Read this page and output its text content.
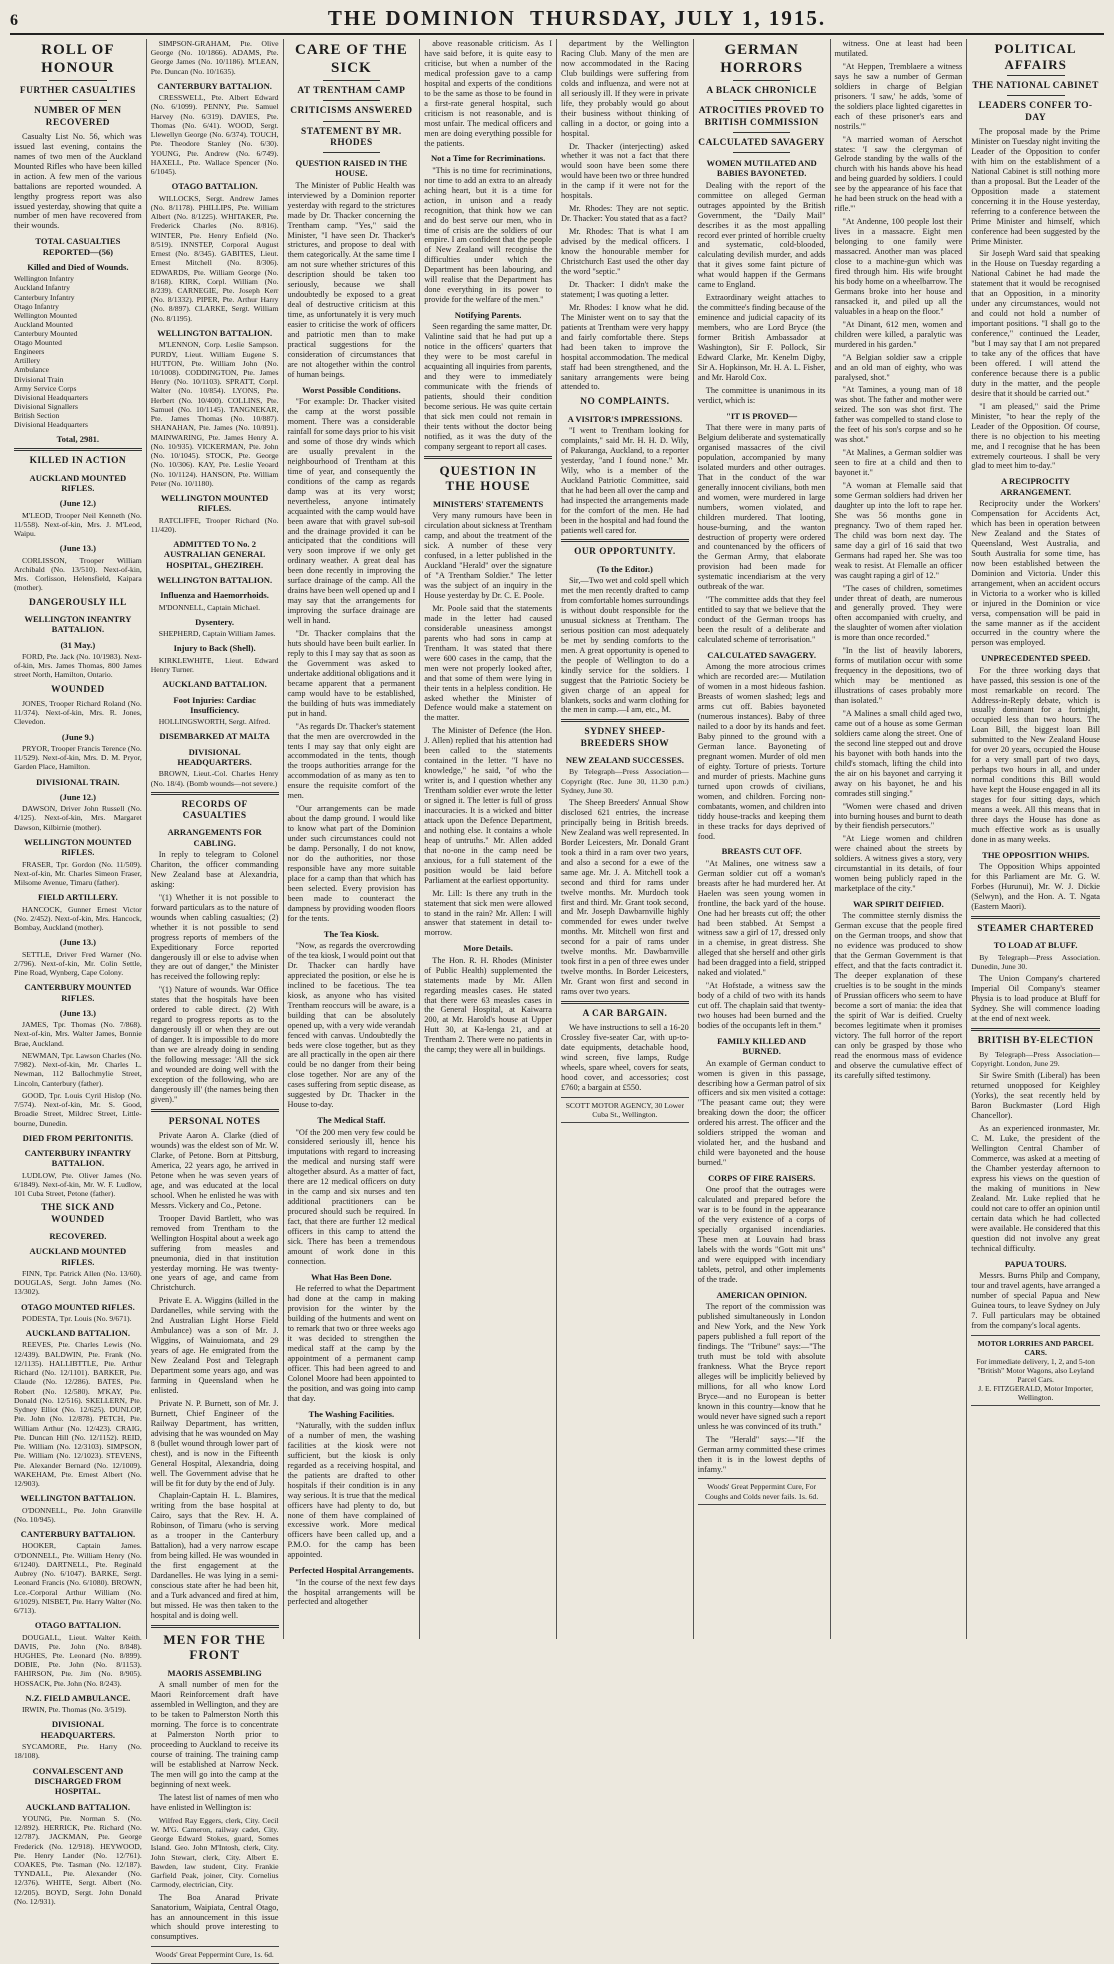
6	THE DOMINION THURSDAY, JULY 1, 1915.
ROLL OF HONOUR
FURTHER CASUALTIES
NUMBER OF MEN RECOVERED

Casualty List No. 56, which was issued last evening, contains the names of two men of the Auckland Mounted Rifles who have been killed in action. A few men of the various battalions are reported wounded. A lengthy progress report was also issued yesterday, showing that quite a number of men have recovered from their wounds.

TOTAL CASUALTIES REPORTED—(56)
Killed and Died of Wounds.
Wellington Infantry
Auckland Infantry
Canterbury Infantry
Otago Infantry
Wellington Mounted
Auckland Mounted
Canterbury Mounted
Otago Mounted
Engineers
Artillery
Ambulance
Divisional Train
Army Service Corps
Divisional Headquarters
Divisional Signallers
British Section
Divisional Headquarters
Total, 2981.
KILLED IN ACTION
AUCKLAND MOUNTED RIFLES.
(June 12.)

M'LEOD, Trooper Neil Kenneth (No. 11/558). Next-of-kin, Mrs. J. M'Leod, Waipu.

(June 13.)

CORLISSON, Trooper William Archibald (No. 13/510). Next-of-kin, Mrs. Corlisson, Helensfield, Kaipara (mother).

DANGEROUSLY ILL
WELLINGTON INFANTRY BATTALION.
(31 May.)

FORD, Pte. Jack (No. 10/1983). Next-of-kin, Mrs. James Thomas, 800 James street North, Hamilton, Ontario.

WOUNDED

JONES, Trooper Richard Roland (No. 11/374). Next-of-kin, Mrs. R. Jones, Clevedon.

(June 9.)

PRYOR, Trooper Francis Terence (No. 11/529). Next-of-kin, Mrs. D. M. Pryor, Garden Place, Hamilton.

DIVISIONAL TRAIN.
(June 12.)

DAWSON, Driver John Russell (No. 4/125). Next-of-kin, Mrs. Margaret Dawson, Kilbirnie (mother).

WELLINGTON MOUNTED RIFLES.

FRASER, Tpr. Gordon (No. 11/509). Next-of-kin, Mr. Charles Simeon Fraser, Milsome Avenue, Timaru (father).

FIELD ARTILLERY.

HANCOCK, Gunner Ernest Victor (No. 2/452). Next-of-kin, Mrs. Hancock, Bombay, Auckland (mother).

(June 13.)

SETTLE, Driver Fred Warner (No. 2/796). Next-of-kin, Mr. Colin Settle, Pine Road, Wynberg, Cape Colony.

CANTERBURY MOUNTED RIFLES.
(June 13.)

JAMES, Tpr. Thomas (No. 7/868). Next-of-kin, Mrs. Walter James, Bonnie Brae, Auckland.

NEWMAN, Tpr. Lawson Charles (No. 7/982). Next-of-kin, Mr. Charles L. Newman, 112 Ballochmylie Street, Lincoln, Canterbury (father).

GOOD, Tpr. Louis Cyril Hislop (No. 7/574). Next-of-kin, Mr. S. Good, Broadie Street, Mildrec Street, Little-bourne, Dunedin.

DIED FROM PERITONITIS.
CANTERBURY INFANTRY BATTALION.

LUDLOW, Pte. Oliver James (No. 6/1849). Next-of-kin, Mr. W. F. Ludlow, 101 Cuba Street, Petone (father).

THE SICK AND WOUNDED
RECOVERED.
AUCKLAND MOUNTED RIFLES.

FINN, Tpr. Patrick Allen (No. 13/60). DOUGLAS, Sergt. John James (No. 13/302).

OTAGO MOUNTED RIFLES.

PODESTA, Tpr. Louis (No. 9/671).

AUCKLAND BATTALION.

REEVES, Pte. Charles Lewis (No. 12/439). BALDWIN, Pte. Frank (No. 12/1135). HALLIBTTLE, Pte. Arthur Richard (No. 12/1101). BARKER, Pte. Claude (No. 12/286). BATES, Pte. Robert (No. 12/580). M'KAY, Pte. Donald (No. 12/516). SKELLERN, Pte. Sydney Elliot (No. 12/625). DUNLOP, Pte. John (No. 12/878). PETCH, Pte. William Arthur (No. 12/423). CRAIG, Pte. Duncan Hill (No. 12/1152). REID, Pte. William (No. 12/3103). SIMPSON, Pte. William (No. 12/1023). STEVENS, Pte. Alexander Bernard (No. 12/1009). WAKEHAM, Pte. Ernest Albert (No. 12/903).

WELLINGTON BATTALION.

O'DONNELL, Pte. John Granville (No. 10/945).

CANTERBURY BATTALION.

HOOKER, Captain James. O'DONNELL, Pte. William Henry (No. 6/1240). DARTNELL, Pte. Reginald Aubrey (No. 6/1047). BARKE, Sergt. Leonard Francis (No. 6/1080). BROWN, Lce.-Corporal Arthur William (No. 6/1029). NISBET, Pte. Harry Walter (No. 6/713).

OTAGO BATTALION.

DOUGALL, Lieut. Walter Keith. DAVIS, Pte. John (No. 8/848). HUGHES, Pte. Leonard (No. 8/899). DOBIE, Pte. John (No. 8/1153). FAHIRSON, Pte. Jim (No. 8/905). HOSSACK, Pte. John (No. 8/243).

N.Z. FIELD AMBULANCE.

IRWIN, Pte. Thomas (No. 3/519).

DIVISIONAL HEADQUARTERS.

SYCAMORE, Pte. Harry (No. 18/108).

CONVALESCENT AND DISCHARGED FROM HOSPITAL.
AUCKLAND BATTALION.

YOUNG, Pte. Norman S. (No. 12/892). HERRICK, Pte. Richard (No. 12/787). JACKMAN, Pte. George Frederick (No. 12/918). HEYWOOD, Pte. Henry Lander (No. 12/761). COAKES, Pte. Tasman (No. 12/187). TYNDALL, Pte. Alexander (No. 12/376). WHITE, Sergt. Albert (No. 12/205). BOYD, Sergt. John Donald (No. 12/931).

SIMPSON-GRAHAM, Pte. Olive George (No. 10/1866). ADAMS, Pte. George James (No. 10/1186). M'LEAN, Pte. Duncan (No. 10/1635).

CANTERBURY BATTALION.

CRESSWELL, Pte. Albert Edward (No. 6/1099). PENNY, Pte. Samuel Harvey (No. 6/319). DAVIES, Pte. Thomas (No. 6/41). WOOD, Sergt. Llewellyn George (No. 6/374). TOUCH, Pte. Theodore Stanley (No. 6/30). YOUNG, Pte. Andrew (No. 6/749). HAXELL, Pte. Wallace Spencer (No. 6/1045).

OTAGO BATTALION.

WILLOCKS, Sergt. Andrew James (No. 8/1178). PHILLIPS, Pte. William Albert (No. 8/1225). WHITAKER, Pte. Frederick Charles (No. 8/816). WINTER, Pte. Henry Enfield (No. 8/519). INNSTEP, Corporal August Ernest (No. 8/345). GABITES, Lieut. Ernest Mitchell (No. 8/306). EDWARDS, Pte. William George (No. 8/168). KIRK, Corpl. William (No. 8/239). CARNEGIE, Pte. Joseph Kerr (No. 8/1332). PIPER, Pte. Arthur Harry (No. 8/897). CLARKE, Sergt. William (No. 8/1195).

WELLINGTON BATTALION.

M'LENNON, Corp. Leslie Sampson. PURDY, Lieut. William Eugene S. HUTTON, Pte. William John (No. 10/1008). CODDINGTON, Pte. James Henry (No. 10/1103). SPRATT, Corpl. Walter (No. 10/854). LYONS, Pte. Herbert (No. 10/400). COLLINS, Pte. Samuel (No. 10/1145). TANGNEKAR, Pte. James Thomas (No. 10/887). SHANAHAN, Pte. James (No. 10/891). MAINWARING, Pte. James Henry A. (No. 10/935). VICKERMAN, Pte. John (No. 10/1045). STOCK, Pte. George (No. 10/306). KAY, Pte. Leslie Yeoard (No. 10/1124). HANSON, Pte. William Peter (No. 10/1180).

WELLINGTON MOUNTED RIFLES.

RATCLIFFE, Trooper Richard (No. 11/420).

ADMITTED TO No. 2 AUSTRALIAN GENERAL HOSPITAL, GHEZIREH.
WELLINGTON BATTALION.
Influenza and Haemorrhoids.

M'DONNELL, Captain Michael.

Dysentery.

SHEPHERD, Captain William James.

Injury to Back (Shell).

KIRKLEWHITE, Lieut. Edward Henry Turner.

AUCKLAND BATTALION.
Foot Injuries: Cardiac Insufficiency.

HOLLINGSWORTH, Sergt. Alfred.

DISEMBARKED AT MALTA
DIVISIONAL HEADQUARTERS.

BROWN, Lieut.-Col. Charles Henry (No. 18/4). (Bomb wounds—not severe.)

RECORDS OF CASUALTIES
ARRANGEMENTS FOR CABLING.

In reply to telegram to Colonel Chariton, the officer commanding New Zealand base at Alexandria, asking:

"(1) Whether it is not possible to forward particulars as to the nature of wounds when cabling casualties; (2) whether it is not possible to send progress reports of members of the Expeditionary Force reported dangerously ill or else to advise when they are out of danger," the Minister has received the following reply:

"(1) Nature of wounds. War Office states that the hospitals have been ordered to cable direct. (2) With regard to progress reports as to the dangerously ill or when they are out of danger. It is impossible to do more than we are already doing in sending the following message: 'All the sick and wounded are doing well with the exception of the following, who are dangerously ill' (the names being then given)."

PERSONAL NOTES

Private Aaron A. Clarke (died of wounds) was the eldest son of Mr. W. Clarke, of Petone. Born at Pittsburg, America, 22 years ago, he arrived in Petone when he was seven years of age, and was educated at the local school. When he enlisted he was with Messrs. Vickery and Co., Petone.

Trooper David Bartlett, who was removed from Trentham to the Wellington Hospital about a week ago suffering from measles and pneumonia, died in that institution yesterday morning. He was twenty-one years of age, and came from Christchurch.

Private E. A. Wiggins (killed in the Dardanelles, while serving with the 2nd Australian Light Horse Field Ambulance) was a son of Mr. J. Wiggins, of Wainuiomata, and 29 years of age. He emigrated from the New Zealand Post and Telegraph Department some years ago, and was farming in Queensland when he enlisted.

Private N. P. Burnett, son of Mr. J. Burnett, Chief Engineer of the Railway Department, has written, advising that he was wounded on May 8 (bullet wound through lower part of chest), and is now in the Fifteenth General Hospital, Alexandria, doing well. The Government advise that he will be fit for duty by the end of July.

Chaplain-Captain H. L. Blamires, writing from the base hospital at Cairo, says that the Rev. H. A. Robinson, of Timaru (who is serving as a trooper in the Canterbury Battalion), had a very narrow escape from being killed. He was wounded in the first engagement at the Dardanelles. He was lying in a semi-conscious state after he had been hit, and a Turk advanced and fired at him, but missed. He was then taken to the hospital and is doing well.

MEN FOR THE FRONT
MAORIS ASSEMBLING

A small number of men for the Maori Reinforcement draft have assembled in Wellington, and they are to be taken to Palmerston North this morning. The force is to concentrate at Palmerston North prior to proceeding to Auckland to receive its course of training. The training camp will be established at Narrow Neck. The men will go into the camp at the beginning of next week.

The latest list of names of men who have enlisted in Wellington is:

Wilfred Ray Eggers, clerk, City. Cecil W. M'G. Cameron, railway cadet, City. George Edward Stokes, guard, Somes Island. Geo. John M'Intosh, clerk, City. John Stewart, clerk, City. Albert E. Bawden, law student, City. Frankie Garfield Peak, joiner, City. Cornelius Carmody, electrician, City.

The Boa Anarad Private Sanatorium, Waipiata, Central Otago, has an announcement in this issue which should prove interesting to consumptives.

Woods' Great Peppermint Cure, 1s. 6d.
CARE OF THE SICK
AT TRENTHAM CAMP
CRITICISMS ANSWERED
STATEMENT BY MR. RHODES
QUESTION RAISED IN THE HOUSE.

The Minister of Public Health was interviewed by a Dominion reporter yesterday with regard to the strictures made by Dr. Thacker concerning the Trentham camp. "Yes," said the Minister, "I have seen Dr. Thacker's strictures, and propose to deal with them categorically. At the same time I am not sure whether strictures of this description should be taken too seriously, because we shall undoubtedly be exposed to a great deal of destructive criticism at this time, as unfortunately it is very much easier to criticise the work of officers and patriotic men than to make practical suggestions for the consideration of circumstances that are not altogether within the control of human beings.

Worst Possible Conditions.

"For example: Dr. Thacker visited the camp at the worst possible moment. There was a considerable rainfall for some days prior to his visit and some of those dry winds which are usually prevalent in the neighbourhood of Trentham at this time of year, and consequently the conditions of the camp as regards damp was at its very worst; nevertheless, anyone intimately acquainted with the camp would have been aware that with gravel sub-soil and the drainage provided it can be anticipated that the conditions will very soon improve if we only get ordinary weather. A great deal has been done recently in improving the surface drainage of the camp. All the drains have been well opened up and I may say that the arrangements for improving the surface drainage are well in hand.

"Dr. Thacker complains that the huts should have been built earlier. In reply to this I may say that as soon as the Government was asked to undertake additional obligations and it became apparent that a permanent camp would have to be established, the building of huts was immediately put in hand.

"As regards Dr. Thacker's statement that the men are overcrowded in the tents I may say that only eight are accommodated in the tents, though the troops authorities arrange for the accommodation of as many as ten to ensure the requisite comfort of the men.

"Our arrangements can be made about the damp ground. I would like to know what part of the Dominion under such circumstances could not be damp. Personally, I do not know, nor do the authorities, nor those responsible have any more suitable place for a camp than that which has been selected. Every provision has been made to counteract the dampness by providing wooden floors for the tents.

The Tea Kiosk.

"Now, as regards the overcrowding of the tea kiosk, I would point out that Dr. Thacker can hardly have appreciated the position, or else he is inclined to be facetious. The tea kiosk, as anyone who has visited Trentham reoccurs will be aware, is a building that can be absolutely opened up, with a very wide verandah fenced with canvas. Undoubtedly the beds were close together, but as they are all practically in the open air there could be no danger from their being close together. Nor are any of the cases suffering from septic disease, as suggested by Dr. Thacker in the House to-day.

The Medical Staff.

"Of the 200 men very few could be considered seriously ill, hence his imputations with regard to increasing the medical and nursing staff were altogether absurd. As a matter of fact, there are 12 medical officers on duty in the camp and six nurses and ten additional practitioners can be procured should such be required. In fact, that there are further 12 medical officers in this camp to attend the sick. There has been a tremendous amount of work done in this connection.

What Has Been Done.

He referred to what the Department had done at the camp in making provision for the winter by the building of the hutments and went on to remark that two or three weeks ago it was decided to strengthen the medical staff at the camp by the appointment of a permanent camp officer. This had been agreed to and Colonel Moore had been appointed to the position, and was going into camp that day.

The Washing Facilities.

"Naturally, with the sudden influx of a number of men, the washing facilities at the kiosk were not sufficient, but the kiosk is only regarded as a receiving hospital, and the patients are drafted to other hospitals if their condition is in any way serious. It is true that the medical officers have had plenty to do, but none of them have complained of excessive work. More medical officers have been called up, and a P.M.O. for the camp has been appointed.

Perfected Hospital Arrangements.

"In the course of the next few days the hospital arrangements will be perfected and altogether

above reasonable criticism. As I have said before, it is quite easy to criticise, but when a number of the medical profession gave to a camp hospital and experts of the conditions to be the same as those to be found in a first-rate general hospital, such criticism is not reasonable, and is most unfair. The medical officers and men are doing everything possible for the patients.

Not a Time for Recriminations.

"This is no time for recriminations, nor time to add an extra to an already aching heart, but it is a time for action, in unison and a ready recognition, that think how we can and do best serve our men, who in time of crisis are the soldiers of our empire. I am confident that the people of New Zealand will recognise the difficulties under which the Department has been labouring, and will realise that the Department has done everything in its power to provide for the welfare of the men."

Notifying Parents.

Seen regarding the same matter, Dr. Valintine said that he had put up a notice in the officers' quarters that they were to be most careful in acquainting all inquiries from parents, and they were to immediately communicate with the friends of patients, should their condition become serious. He was quite certain that sick men could not remain in their tents without the doctor being notified, as it was the duty of the company sergeant to report all cases.

QUESTION IN THE HOUSE
MINISTERS' STATEMENTS

Very many rumours have been in circulation about sickness at Trentham camp, and about the treatment of the sick. A number of these very confused, in a letter published in the Auckland "Herald" over the signature of "A Trentham Soldier." The letter was the subject of an inquiry in the House yesterday by Dr. C. E. Poole.

Mr. Poole said that the statements made in the letter had caused considerable uneasiness amongst parents who had sons in camp at Trentham. It was stated that there were 600 cases in the camp, that the men were not properly looked after, and that some of them were lying in their tents in a helpless condition. He asked whether the Minister of Defence would make a statement on the matter.

The Minister of Defence (the Hon. J. Allen) replied that his attention had been called to the statements contained in the letter. "I have no knowledge," he said, "of who the writer is, and I question whether any Trentham soldier ever wrote the letter or signed it. The letter is full of gross inaccuracies. It is a wicked and bitter attack upon the Defence Department, and nothing else. It contains a whole heap of untruths." Mr. Allen added that no-one in the camp need be anxious, for a full statement of the position would be laid before Parliament at the earliest opportunity.

Mr. Lill: Is there any truth in the statement that sick men were allowed to stand in the rain? Mr. Allen: I will answer that statement in detail to-morrow.

More Details.

The Hon. R. H. Rhodes (Minister of Public Health) supplemented the statements made by Mr. Allen regarding measles cases. He stated that there were 63 measles cases in the General Hospital, at Kaiwarra 200, at Mr. Harold's house at Upper Hutt 30, at Ka-lenga 21, and at Trentham 2. There were no patients in the camp; they were all in buildings.

department by the Wellington Racing Club. Many of the men are now accommodated in the Racing Club buildings were suffering from colds and influenza, and were not at all seriously ill. If they were in private life, they probably would go about their business without thinking of calling in a doctor, or going into a hospital.

Dr. Thacker (interjecting) asked whether it was not a fact that there would soon have been some there would have been two or three hundred in the camp if it were not for the hospitals.

Mr. Rhodes: They are not septic. Dr. Thacker: You stated that as a fact?

Mr. Rhodes: That is what I am advised by the medical officers. I know the honourable member for Christchurch East used the other day the word "septic."

Dr. Thacker: I didn't make the statement; I was quoting a letter.

Mr. Rhodes: I know what he did. The Minister went on to say that the patients at Trentham were very happy and fairly comfortable there. Steps had been taken to improve the hospital accommodation. The medical staff had been strengthened, and the sanitary arrangements were being attended to.

NO COMPLAINTS.
A VISITOR'S IMPRESSIONS.

"I went to Trentham looking for complaints," said Mr. H. H. D. Wily, of Pakuranga, Auckland, to a reporter yesterday, "and I found none." Mr. Wily, who is a member of the Auckland Patriotic Committee, said that he had been all over the camp and had inspected the arrangements made for the comfort of the men. He had been in the hospital and had found the patients well cared for.

OUR OPPORTUNITY.
(To the Editor.)

Sir,—Two wet and cold spell which met the men recently drafted to camp from comfortable homes surroundings is without doubt responsible for the unusual sickness at Trentham. The serious position can most adequately be met by sending comforts to the men. A great opportunity is opened to the people of Wellington to do a kindly service for the soldiers. I suggest that the Patriotic Society be given charge of an appeal for blankets, socks and warm clothing for the men in camp.—I am, etc., M.

SYDNEY SHEEP-BREEDERS SHOW
NEW ZEALAND SUCCESSES.

By Telegraph—Press Association—Copyright (Rec. June 30, 11.30 p.m.) Sydney, June 30.

The Sheep Breeders' Annual Show disclosed 621 entries, the increase principally being in British breeds. New Zealand was well represented. In Border Leicesters, Mr. Donald Grant took a third in a ram over two years, and also a second for a ewe of the same age. Mr. J. A. Mitchell took a second and third for rams under twelve months. Mr. Murdoch took first and third. Mr. Grant took second, and Mr. Joseph Dawbarnville highly commended for ewes under twelve months. Mr. Mitchell won first and second for a pair of rams under twelve months. Mr. Dawbarnville took first in a pen of three ewes under twelve months. In Border Leicesters, Mr. Grant won first and second in rams over two years.

A CAR BARGAIN.

We have instructions to sell a 16-20 Crossley five-seater Car, with up-to-date equipments, detachable hood, wind screen, five lamps, Rudge wheels, spare wheel, covers for seats, hood cover, and accessories; cost £760; a bargain at £550.

SCOTT MOTOR AGENCY, 30 Lower Cuba St., Wellington.
GERMAN HORRORS
A BLACK CHRONICLE
ATROCITIES PROVED TO BRITISH COMMISSION
CALCULATED SAVAGERY
WOMEN MUTILATED AND BABIES BAYONETED.

Dealing with the report of the committee on alleged German outrages appointed by the British Government, the "Daily Mail" describes it as the most appalling record ever printed of horrible cruelty and systematic, cold-blooded, calculating devilish murder, and adds that it gives some faint picture of what would happen if the Germans came to England.

Extraordinary weight attaches to the committee's finding because of the eminence and judicial capacity of its members, who are Lord Bryce (the former British Ambassador at Washington), Sir F. Pollock, Sir Edward Clarke, Mr. Kenelm Digby, Sir A. Hopkinson, Mr. H. A. L. Fisher, and Mr. Harold Cox.

The committee is unanimous in its verdict, which is:

"IT IS PROVED—

That there were in many parts of Belgium deliberate and systematically organised massacres of the civil population, accompanied by many isolated murders and other outrages. That in the conduct of the war generally innocent civilians, both men and women, were murdered in large numbers, women violated, and children murdered. That looting, house-burning, and the wanton destruction of property were ordered and countenanced by the officers of the German Army, that elaborate provision had been made for systematic incendiarism at the very outbreak of the war.

"The committee adds that they feel entitled to say that we believe that the conduct of the German troops has been the result of a deliberate and calculated scheme of terrorisation."

CALCULATED SAVAGERY.

Among the more atrocious crimes which are recorded are:— Mutilation of women in a most hideous fashion. Breasts of women slashed; legs and arms cut off. Babies bayoneted (numerous instances). Baby of three nailed to a door by its hands and feet. Baby pinned to the ground with a German lance. Bayoneting of pregnant women. Murder of old men of eighty. Torture of priests. Torture and murder of priests. Machine guns turned upon crowds of civilians, women, and children. Forcing non-combatants, women, and children into tiddy house-tracks and keeping them in these tracks for days deprived of food.

BREASTS CUT OFF.

"At Malines, one witness saw a German soldier cut off a woman's breasts after he had murdered her. At Haelen was seen young women in frontline, the back yard of the house. One had her breasts cut off; the other had been stabbed. At Sempst a witness saw a girl of 17, dressed only in a chemise, in great distress. She alleged that she herself and other girls had been dragged into a field, stripped naked and violated."

"At Hofstade, a witness saw the body of a child of two with its hands cut off. The chaplain said that twenty-two houses had been burned and the bodies of the occupants left in them."

FAMILY KILLED AND BURNED.

An example of German conduct to women is given in this passage, describing how a German patrol of six officers and six men visited a cottage: "The peasant came out; they were breaking down the door; the officer ordered his arrest. The officer and the soldiers stripped the woman and violated her, and the husband and child were bayoneted and the house burned."

CORPS OF FIRE RAISERS.

One proof that the outrages were calculated and prepared before the war is to be found in the appearance of the very existence of a corps of specially organised incendiaries. These men at Louvain had brass labels with the words "Gott mit uns" and were equipped with incendiary tablets, petrol, and other implements of the trade.

AMERICAN OPINION.

The report of the commission was published simultaneously in London and New York, and the New York papers published a full report of the findings. The "Tribune" says:—"The truth must be told with absolute frankness. What the Bryce report alleges will be implicitly believed by millions, for all who know Lord Bryce—and no European is better known in this country—know that he would never have signed such a report unless he was convinced of its truth."

The "Herald" says:—"If the German army committed these crimes then it is in the lowest depths of infamy."

Woods' Great Peppermint Cure, For Coughs and Colds never fails. 1s. 6d.

witness. One at least had been mutilated.

"At Heppen, Tremblaere a witness says he saw a number of German soldiers in charge of Belgian prisoners. 'I saw,' he adds, 'some of the soldiers place lighted cigarettes in each of these prisoner's ears and nostrils.'"

"A married woman of Aerschot states: 'I saw the clergyman of Gelrode standing by the walls of the church with his hands above his head and being guarded by soldiers. I could see by the appearance of his face that he had been struck on the head with a rifle.'"

"At Andenne, 100 people lost their lives in a massacre. Eight men belonging to one family were massacred. Another man was placed close to a machine-gun which was fired through him. His wife brought his body home on a wheelbarrow. The Germans broke into her house and ransacked it, and piled up all the valuables in a heap on the floor."

"At Dinant, 612 men, women and children were killed, a paralytic was murdered in his garden."

"A Belgian soldier saw a cripple and an old man of eighty, who was paralysed, shot."

"At Tamines, a young man of 18 was shot. The father and mother were seized. The son was shot first. The father was compelled to stand close to the feet of his son's corpse and so he was shot."

"At Malines, a German soldier was seen to fire at a child and then to bayonet it."

"A woman at Flemalle said that some German soldiers had driven her daughter up into the loft to rape her. She was 56 months gone in pregnancy. Two of them raped her. The child was born next day. The same day a girl of 16 said that two Germans had raped her. She was too weak to resist. At Flemalle an officer was caught raping a girl of 12."

"The cases of children, sometimes under threat of death, are numerous and generally proved. They were often accompanied with cruelty, and the slaughter of women after violation is more than once recorded."

"In the list of heavily laborers, forms of mutilation occur with some frequency in the depositions, two of which may be mentioned as illustrations of cases probably more than isolated."

"A Malines a small child aged two, came out of a house as some German soldiers came along the street. One of the second line stepped out and drove his bayonet with both hands into the child's stomach, lifting the child into the air on his bayonet and carrying it away on his bayonet, he and his comrades still singing."

"Women were chased and driven into burning houses and burnt to death by their fiendish persecutors."

"At Liege women and children were chained about the streets by soldiers. A witness gives a story, very circumstantial in its details, of four women being publicly raped in the marketplace of the city."

WAR SPIRIT DEIFIED.

The committee sternly dismiss the German excuse that the people fired on the German troops, and show that no evidence was produced to show that the German Government is that effect, and that the facts contradict it. The deeper explanation of these cruelties is to be sought in the minds of Prussian officers who seem to have become a sort of mania: the idea that the spirit of War is deified. Cruelty becomes legitimate when it promises victory. The full horror of the report can only be grasped by those who read the enormous mass of evidence and observe the cumulative effect of its carefully sifted testimony.

POLITICAL AFFAIRS
THE NATIONAL CABINET
LEADERS CONFER TO-DAY

The proposal made by the Prime Minister on Tuesday night inviting the Leader of the Opposition to confer with him on the establishment of a National Cabinet is still nothing more than a proposal. But the Leader of the Opposition made a statement concerning it in the House yesterday, referring to a conference between the Prime Minister and himself, which conference had been suggested by the Prime Minister.

Sir Joseph Ward said that speaking in the House on Tuesday regarding a National Cabinet he had made the statement that it would be recognised that an Opposition, in a minority under any circumstances, would not and could not hold a number of important positions. "I shall go to the conference," continued the Leader, "but I may say that I am not prepared to take any of the offices that have been offered. I will attend the conference because there is a public duty in the matter, and the people desire that it should be carried out."

"I am pleased," said the Prime Minister, "to hear the reply of the Leader of the Opposition. Of course, there is no objection to his meeting me, and I recognise that he has been extremely courteous. I shall be very glad to meet him to-day."

A RECIPROCITY ARRANGEMENT.

Reciprocity under the Workers' Compensation for Accidents Act, which has been in operation between New Zealand and the States of Queensland, West Australia, and South Australia for some time, has now been established between the Dominion and Victoria. Under this arrangement, when an accident occurs in Victoria to a worker who is killed or injured in the Dominion or vice versa, compensation will be paid in the same manner as if the accident occurred in the country where the person was employed.

UNPRECEDENTED SPEED.

For the three working days that have passed, this session is one of the most remarkable on record. The Address-in-Reply debate, which is usually dominant for a fortnight, occupied less than two hours. The Loan Bill, the biggest loan Bill submitted to the New Zealand House for over 20 years, occupied the House for a very small part of two days, perhaps two hours in all, and under normal conditions this Bill would have kept the House engaged in all its stages for four sitting days, which means a week. All this means that in three days the House has done as much effective work as is usually done in as many weeks.

THE OPPOSITION WHIPS.

The Opposition Whips appointed for this Parliament are Mr. G. W. Forbes (Hurunui), Mr. W. J. Dickie (Selwyn), and the Hon. A. T. Ngata (Eastern Maori).

STEAMER CHARTERED
TO LOAD AT BLUFF.

By Telegraph—Press Association. Dunedin, June 30.

The Union Company's chartered Imperial Oil Company's steamer Physia is to load produce at Bluff for Sydney. She will commence loading at the end of next week.

BRITISH BY-ELECTION

By Telegraph—Press Association—Copyright. London, June 29.

Sir Swire Smith (Liberal) has been returned unopposed for Keighley (Yorks), the seat recently held by Baron Buckmaster (Lord High Chancellor).

As an experienced ironmaster, Mr. C. M. Luke, the president of the Wellington Central Chamber of Commerce, was asked at a meeting of the Chamber yesterday afternoon to express his views on the question of the making of munitions in New Zealand. Mr. Luke replied that he could not care to offer an opinion until certain data which he had collected were available. He considered that this question did not involve any great technical difficulty.

PAPUA TOURS.

Messrs. Burns Philp and Company, tour and travel agents, have arranged a number of special Papua and New Guinea tours, to leave Sydney on July 7. Full particulars may be obtained from the company's local agents.

MOTOR LORRIES AND PARCEL CARS.
For immediate delivery, 1, 2, and 5-ton "British" Motor Wagons, also Leyland Parcel Cars.
J. E. FITZGERALD, Motor Importer, Wellington.
